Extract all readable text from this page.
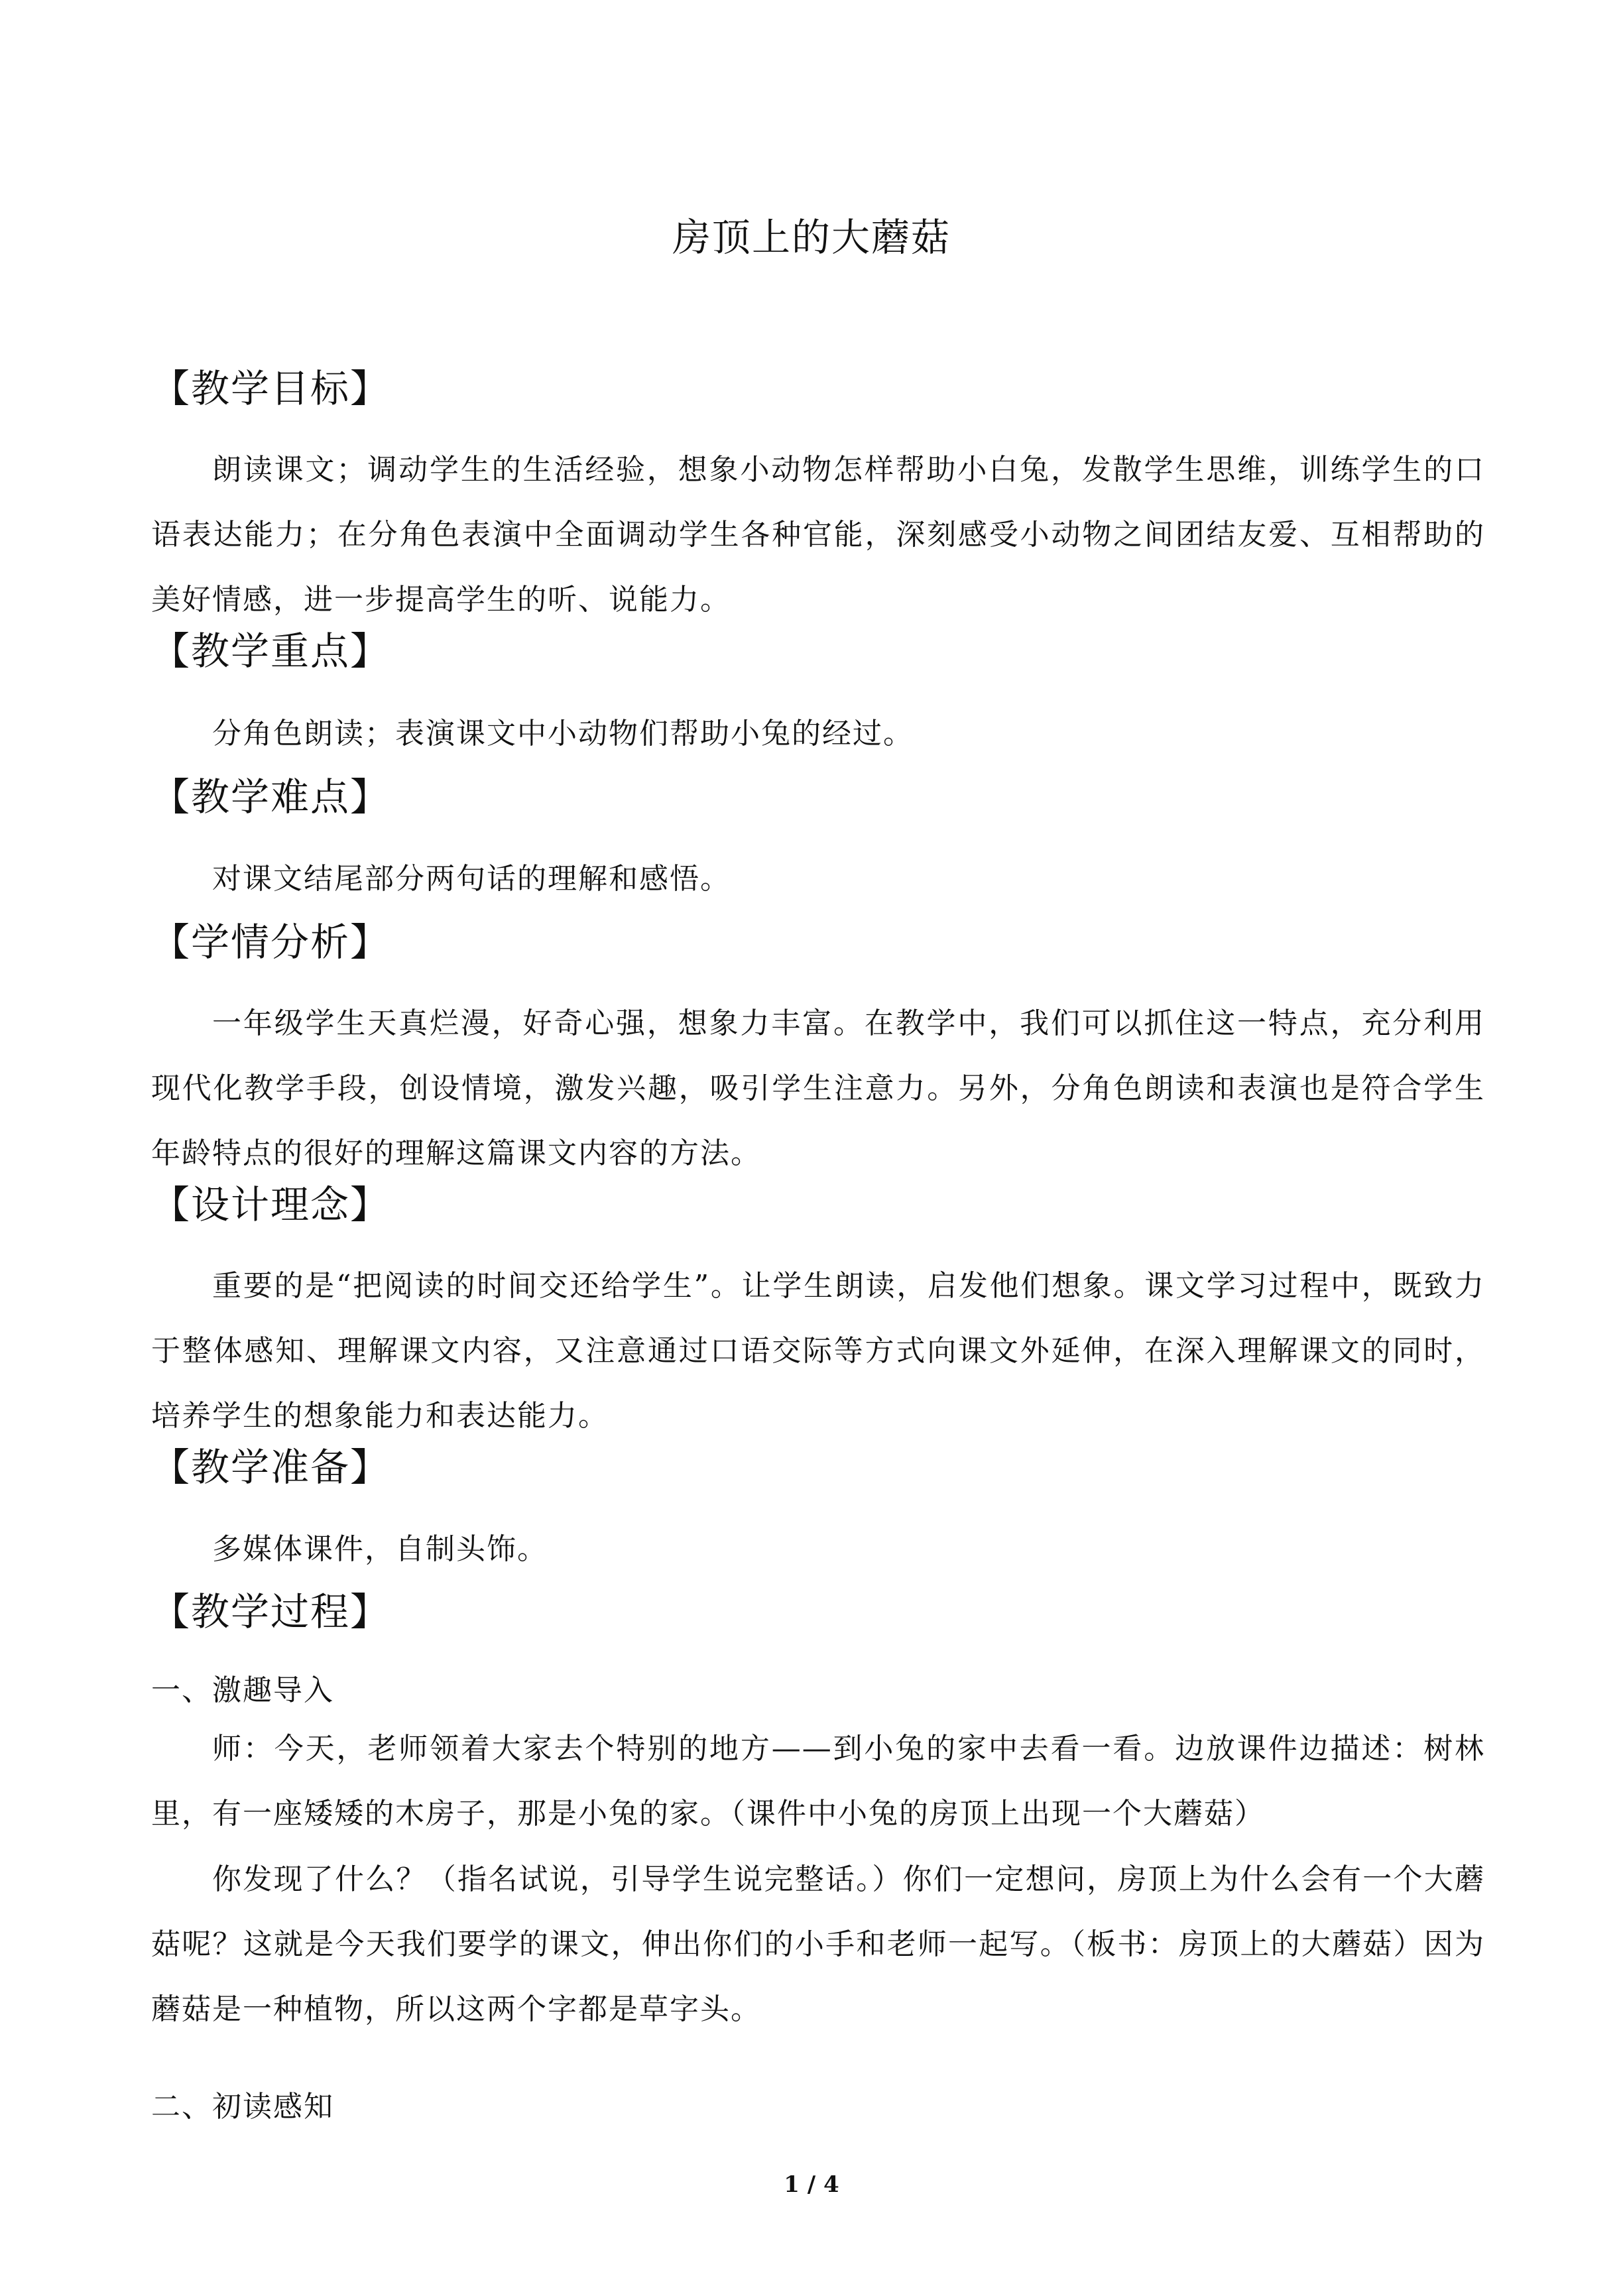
房顶上的大蘑菇
【教学目标】
朗读课文；调动学生的生活经验，想象小动物怎样帮助小白兔，发散学生思维，训练学生的口语表达能力；在分角色表演中全面调动学生各种官能，深刻感受小动物之间团结友爱、互相帮助的美好情感，进一步提高学生的听、说能力。
【教学重点】
分角色朗读；表演课文中小动物们帮助小兔的经过。
【教学难点】
对课文结尾部分两句话的理解和感悟。
【学情分析】
一年级学生天真烂漫，好奇心强，想象力丰富。在教学中，我们可以抓住这一特点，充分利用现代化教学手段，创设情境，激发兴趣，吸引学生注意力。另外，分角色朗读和表演也是符合学生年龄特点的很好的理解这篇课文内容的方法。
【设计理念】
重要的是“把阅读的时间交还给学生”。让学生朗读，启发他们想象。课文学习过程中，既致力于整体感知、理解课文内容，又注意通过口语交际等方式向课文外延伸，在深入理解课文的同时，培养学生的想象能力和表达能力。
【教学准备】
多媒体课件，自制头饰。
【教学过程】
一、激趣导入
师：今天，老师领着大家去个特别的地方——到小兔的家中去看一看。边放课件边描述：树林里，有一座矮矮的木房子，那是小兔的家。（课件中小兔的房顶上出现一个大蘑菇）
你发现了什么？（指名试说，引导学生说完整话。）你们一定想问，房顶上为什么会有一个大蘑菇呢？这就是今天我们要学的课文，伸出你们的小手和老师一起写。（板书：房顶上的大蘑菇）因为蘑菇是一种植物，所以这两个字都是草字头。
二、初读感知
1 / 4
